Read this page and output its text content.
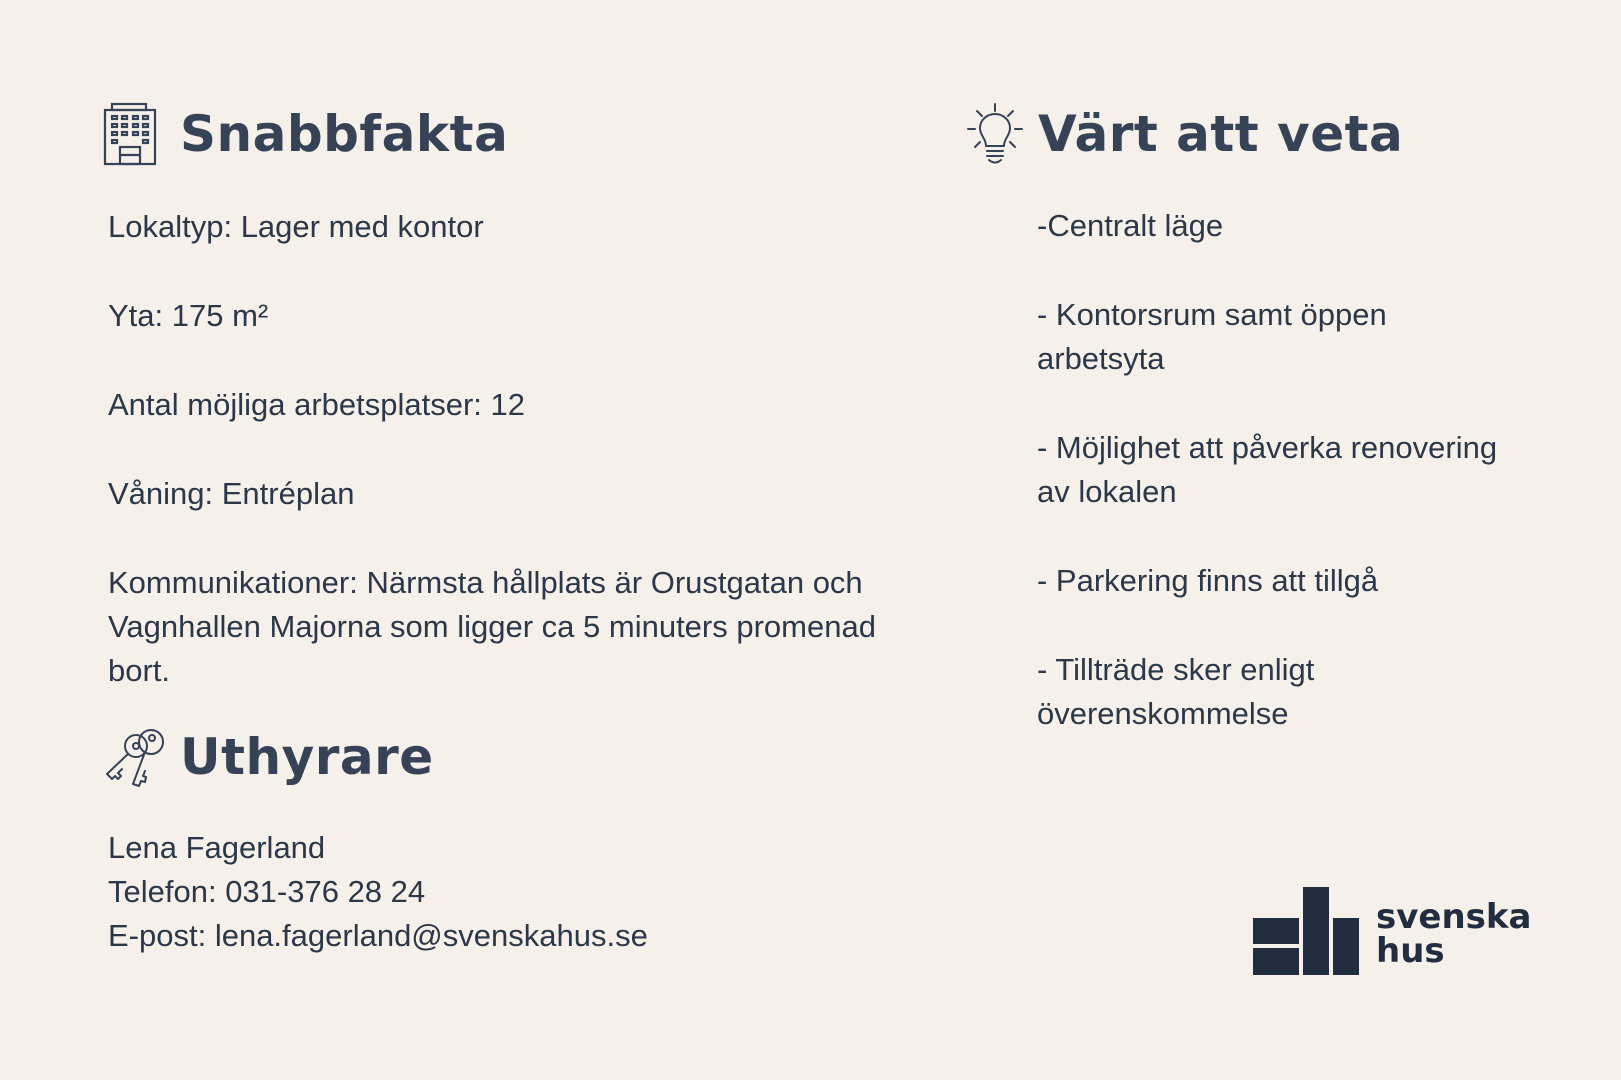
Snabbfakta
Lokaltyp: Lager med kontor
Yta: 175 m²
Antal möjliga arbetsplatser: 12
Våning: Entréplan
Kommunikationer: Närmsta hållplats är Orustgatan och Vagnhallen Majorna som ligger ca 5 minuters promenad bort.
Uthyrare
Lena Fagerland
Telefon: 031-376 28 24
E-post: lena.fagerland@svenskahus.se
Värt att veta
-Centralt läge
- Kontorsrum samt öppen arbetsyta
- Möjlighet att påverka renovering av lokalen
- Parkering finns att tillgå
- Tillträde sker enligt överenskommelse
svenska
hus
